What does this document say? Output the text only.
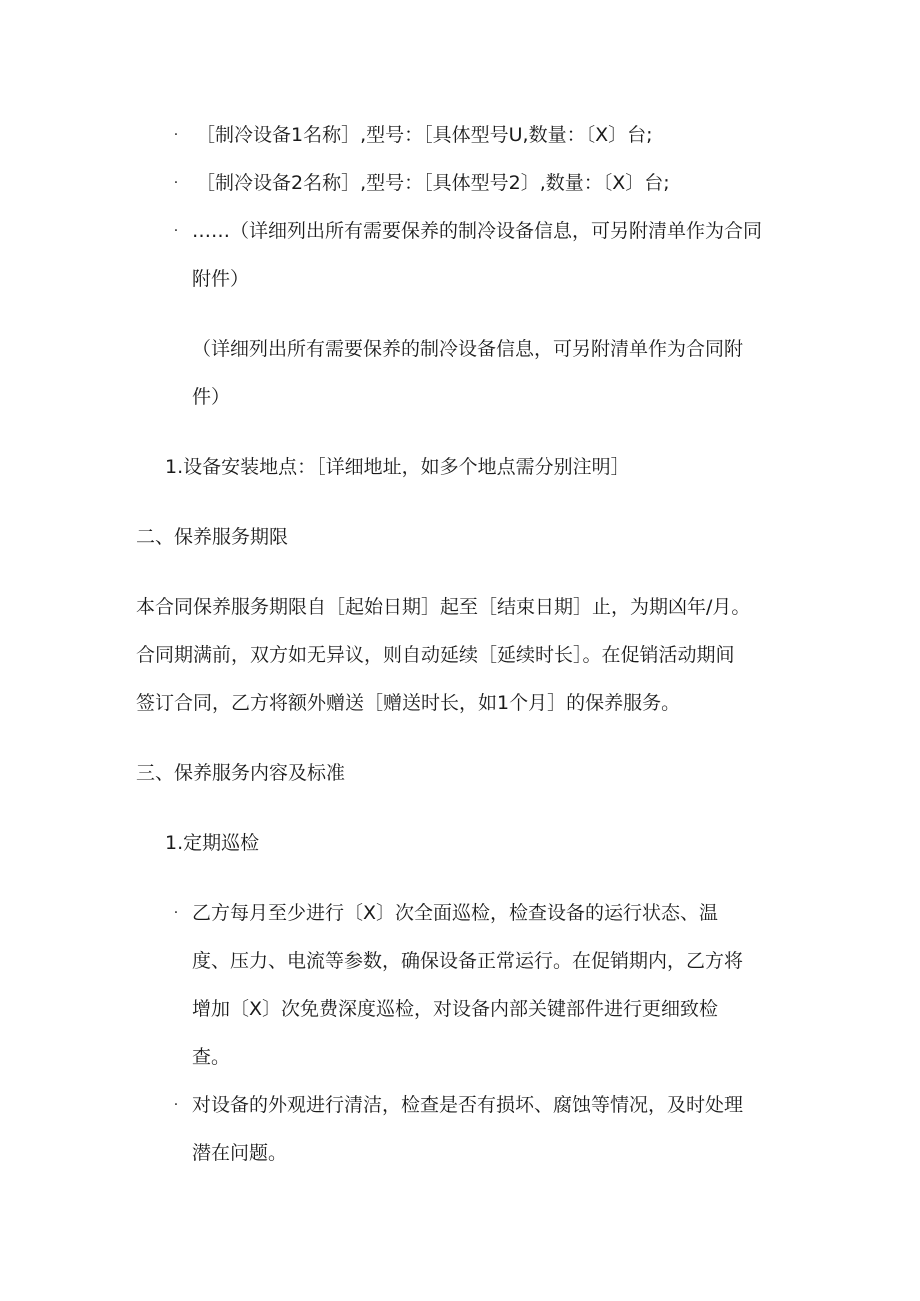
· ［制冷设备1名称］,型号：［具体型号U,数量：〔X〕台;
· ［制冷设备2名称］,型号：［具体型号2〕,数量：〔X〕台;
· ……（详细列出所有需要保养的制冷设备信息，可另附清单作为合同
附件）
（详细列出所有需要保养的制冷设备信息，可另附清单作为合同附
件）
1.设备安装地点：［详细地址，如多个地点需分别注明］
二、保养服务期限
本合同保养服务期限自［起始日期］起至［结束日期］止，为期凶年/月。
合同期满前，双方如无异议，则自动延续［延续时长］。在促销活动期间
签订合同，乙方将额外赠送［赠送时长，如1个月］的保养服务。
三、保养服务内容及标准
1.定期巡检
· 乙方每月至少进行〔X〕次全面巡检，检查设备的运行状态、温
度、压力、电流等参数，确保设备正常运行。在促销期内，乙方将
增加〔X〕次免费深度巡检，对设备内部关键部件进行更细致检
查。
· 对设备的外观进行清洁，检查是否有损坏、腐蚀等情况，及时处理
潜在问题。
